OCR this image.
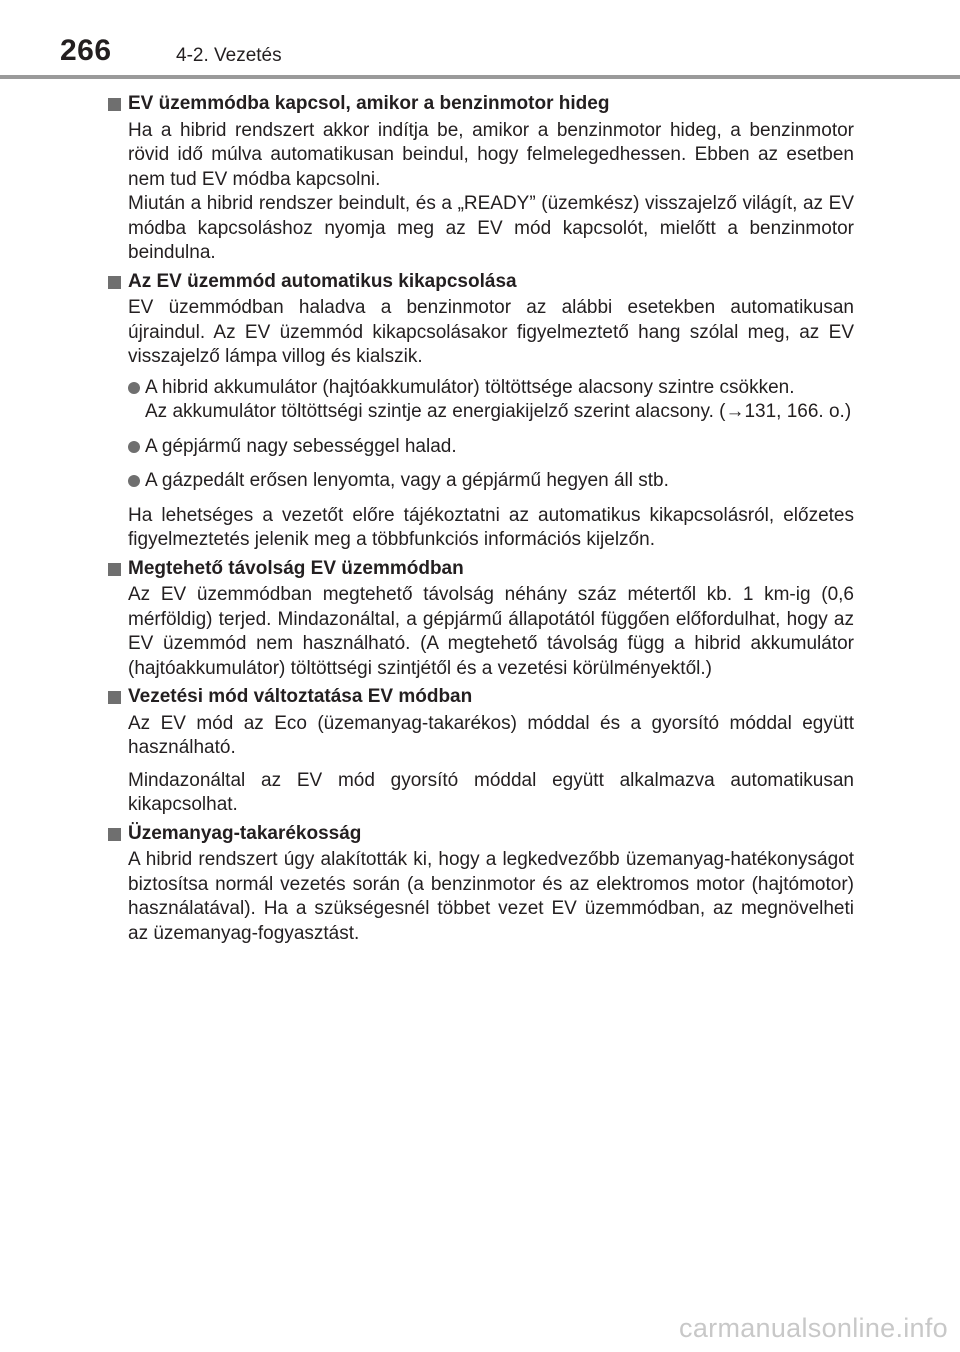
266	4-2. Vezetés
EV üzemmódba kapcsol, amikor a benzinmotor hideg
Ha a hibrid rendszert akkor indítja be, amikor a benzinmotor hideg, a benzinmotor rövid idő múlva automatikusan beindul, hogy felmelegedhessen. Ebben az esetben nem tud EV módba kapcsolni.
Miután a hibrid rendszer beindult, és a „READY” (üzemkész) visszajelző világít, az EV módba kapcsoláshoz nyomja meg az EV mód kapcsolót, mielőtt a benzinmotor beindulna.
Az EV üzemmód automatikus kikapcsolása
EV üzemmódban haladva a benzinmotor az alábbi esetekben automatikusan újraindul. Az EV üzemmód kikapcsolásakor figyelmeztető hang szólal meg, az EV visszajelző lámpa villog és kialszik.

A hibrid akkumulátor (hajtóakkumulátor) töltöttsége alacsony szintre csökken.

Az akkumulátor töltöttségi szintje az energiakijelző szerint alacsony. (→131, 166. o.)

A gépjármű nagy sebességgel halad.

A gázpedált erősen lenyomta, vagy a gépjármű hegyen áll stb.

Ha lehetséges a vezetőt előre tájékoztatni az automatikus kikapcsolásról, előzetes figyelmeztetés jelenik meg a többfunkciós információs kijelzőn.
Megtehető távolság EV üzemmódban
Az EV üzemmódban megtehető távolság néhány száz métertől kb. 1 km-ig (0,6 mérföldig) terjed. Mindazonáltal, a gépjármű állapotától függően előfordulhat, hogy az EV üzemmód nem használható. (A megtehető távolság függ a hibrid akkumulátor (hajtóakkumulátor) töltöttségi szintjétől és a vezetési körülményektől.)
Vezetési mód változtatása EV módban
Az EV mód az Eco (üzemanyag-takarékos) móddal és a gyorsító móddal együtt használható.
Mindazonáltal az EV mód gyorsító móddal együtt alkalmazva automatikusan kikapcsolhat.
Üzemanyag-takarékosság
A hibrid rendszert úgy alakították ki, hogy a legkedvezőbb üzemanyag-hatékonyságot biztosítsa normál vezetés során (a benzinmotor és az elektromos motor (hajtómotor) használatával). Ha a szükségesnél többet vezet EV üzemmódban, az megnövelheti az üzemanyag-fogyasztást.
carmanualsonline.info
